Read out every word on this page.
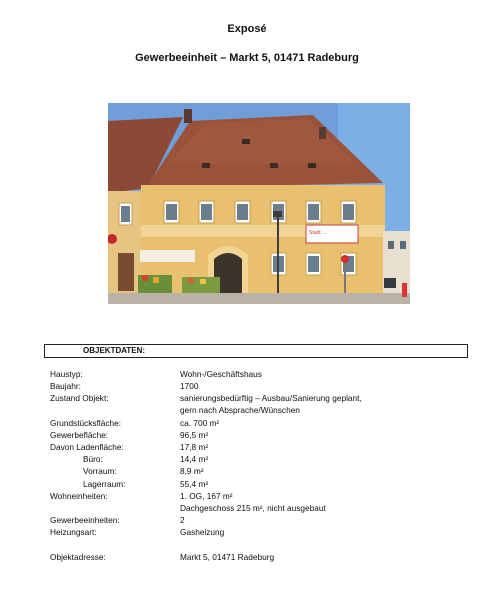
Exposé
Gewerbeeinheit – Markt 5, 01471 Radeburg
Stadt ...
OBJEKTDATEN:
Haustyp:	Wohn-/Geschäftshaus
Baujahr:	1700
Zustand Objekt:	sanierungsbedürftig – Ausbau/Sanierung geplant,
gern nach Absprache/Wünschen
Grundstücksfläche:	ca. 700 m²
Gewerbefläche:	96,5 m²
Davon Ladenfläche:	17,8 m²
Büro:	14,4 m²
Vorraum:	8,9 m²
Lagerraum:	55,4 m²
Wohneinheiten:	1. OG, 167 m²
Dachgeschoss 215 m², nicht ausgebaut
Gewerbeeinheiten:	2
Heizungsart:	Gasheizung
Objektadresse:	Markt 5, 01471 Radeburg
